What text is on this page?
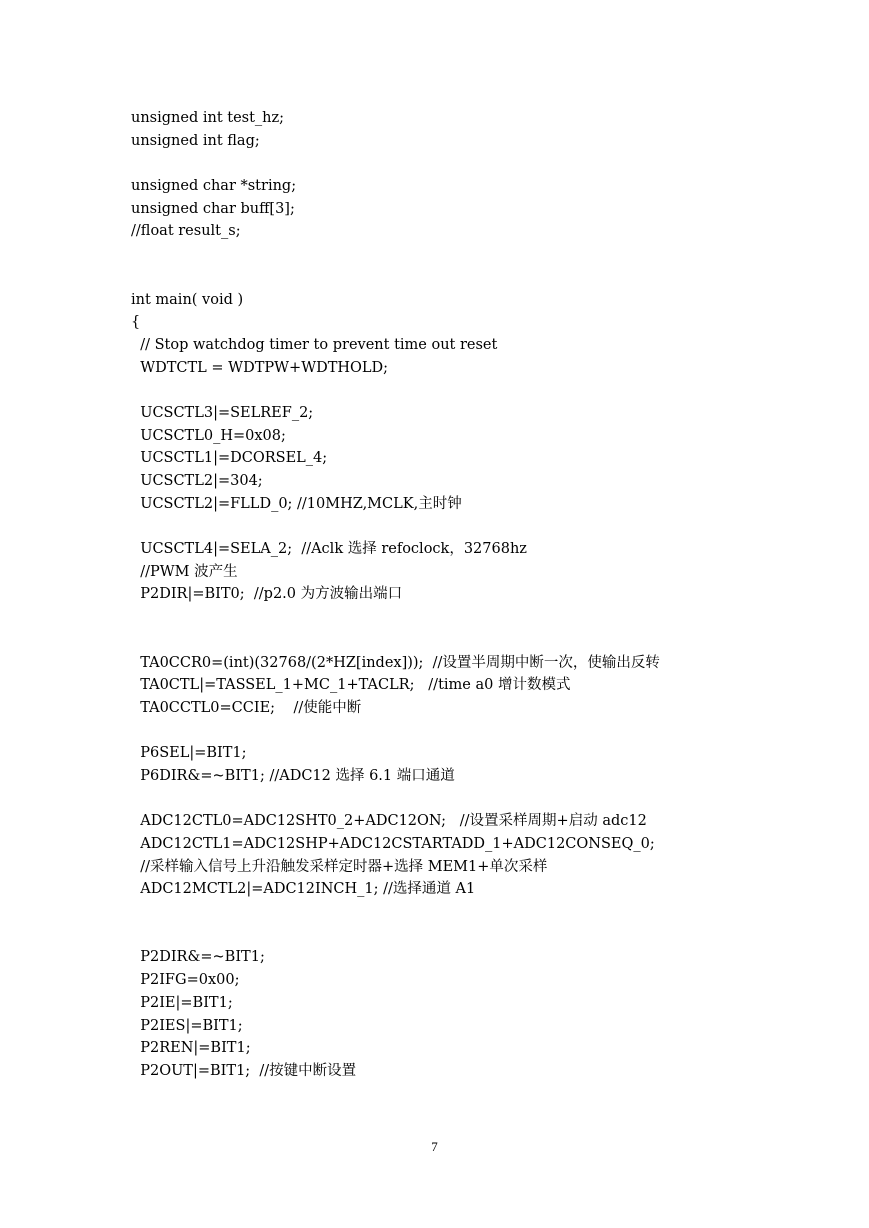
unsigned int test_hz;
unsigned int flag;
unsigned char *string;
unsigned char buff[3];
//float result_s;
int main( void )
{
// Stop watchdog timer to prevent time out reset
WDTCTL = WDTPW+WDTHOLD;
UCSCTL3|=SELREF_2;
UCSCTL0_H=0x08;
UCSCTL1|=DCORSEL_4;
UCSCTL2|=304;
UCSCTL2|=FLLD_0; //10MHZ,MCLK,主时钟
UCSCTL4|=SELA_2;  //Aclk 选择 refoclock，32768hz
//PWM 波产生
P2DIR|=BIT0;  //p2.0 为方波输出端口
TA0CCR0=(int)(32768/(2*HZ[index]));  //设置半周期中断一次，使输出反转
TA0CTL|=TASSEL_1+MC_1+TACLR;   //time a0 增计数模式
TA0CCTL0=CCIE;    //使能中断
P6SEL|=BIT1;
P6DIR&=~BIT1; //ADC12 选择 6.1 端口通道
ADC12CTL0=ADC12SHT0_2+ADC12ON;   //设置采样周期+启动 adc12
ADC12CTL1=ADC12SHP+ADC12CSTARTADD_1+ADC12CONSEQ_0;
//采样输入信号上升沿触发采样定时器+选择 MEM1+单次采样
ADC12MCTL2|=ADC12INCH_1; //选择通道 A1
P2DIR&=~BIT1;
P2IFG=0x00;
P2IE|=BIT1;
P2IES|=BIT1;
P2REN|=BIT1;
P2OUT|=BIT1;  //按键中断设置
7
